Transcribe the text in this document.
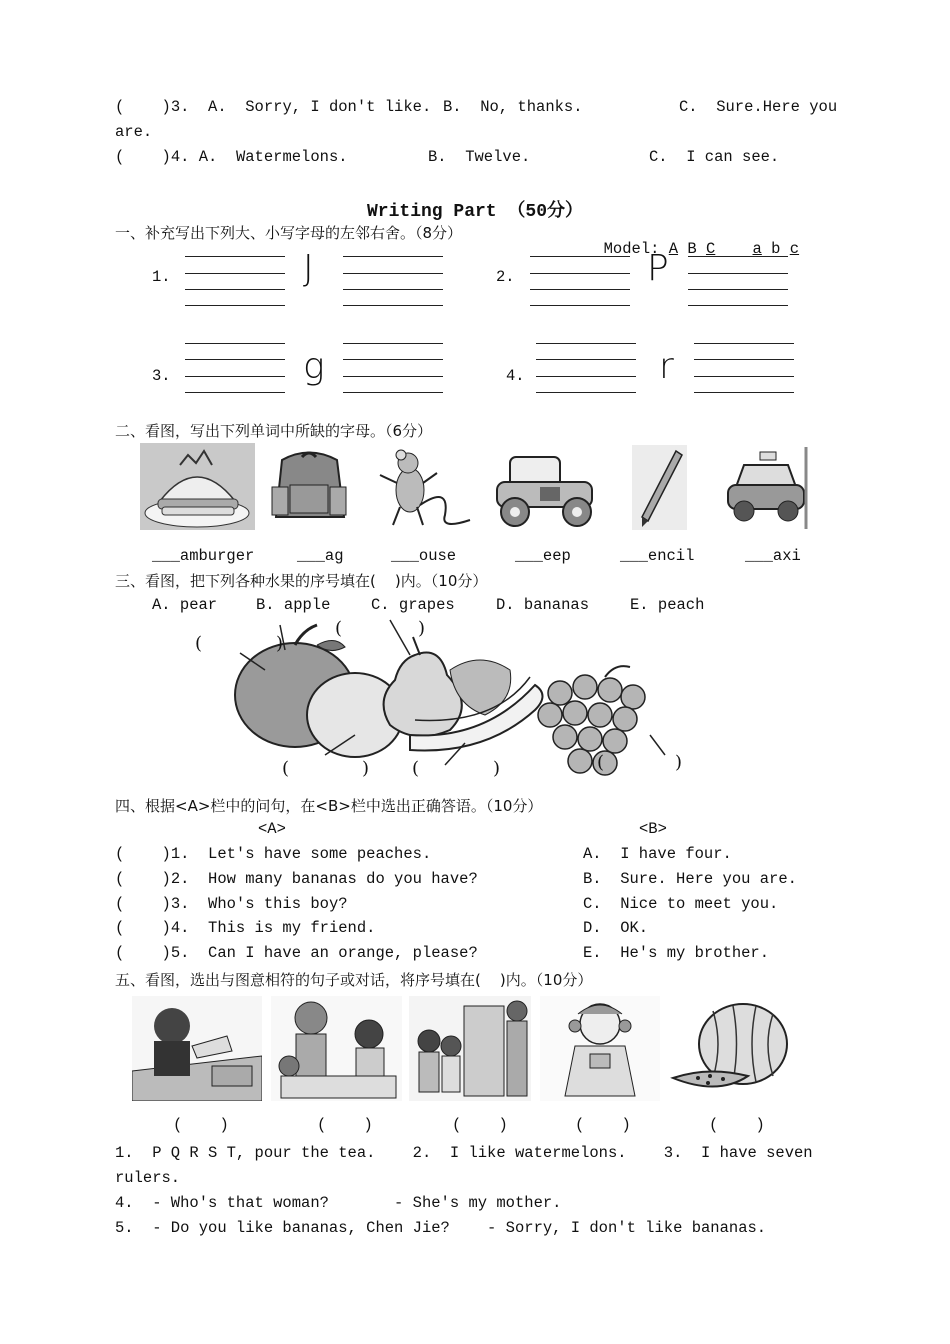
(    )3. A.  Sorry, I don't like. B.  No, thanks.	C.  Sure.Here you
are.
(    )4. A.  Watermelons.	B.  Twelve.	C.  I can see.
Writing Part （50分）
一、补充写出下列大、小写字母的左邻右舍。（8分）

Model: A B C a b c

1.	J	2.	P
3.	g	4.	r
二、看图，写出下列单词中所缺的字母。（6分）
___amburger	___ag	___ouse	___eep	___encil	___axi
三、看图，把下列各种水果的序号填在(    )内。（10分）
A. pear	B. apple	C. grapes	D. bananas	E. peach
(	)
(	)
(	) (	)	(	)
四、根据<A>栏中的问句，在<B>栏中选出正确答语。（10分）
<A>	<B>
(    )1.  Let's have some peaches.	A.  I have four.
(    )2.  How many bananas do you have?	B.  Sure. Here you are.
(    )3.  Who's this boy?	C.  Nice to meet you.
(    )4.  This is my friend.	D.  OK.
(    )5.  Can I have an orange, please?	E.  He's my brother.
五、看图，选出与图意相符的句子或对话，将序号填在(    )内。（10分）
(    )	(    )	(    )	(    )	(    )
1.  P Q R S T, pour the tea.    2.  I like watermelons.    3.  I have seven
rulers.
4.  - Who's that woman?       - She's my mother.
5.  - Do you like bananas, Chen Jie?    - Sorry, I don't like bananas.
